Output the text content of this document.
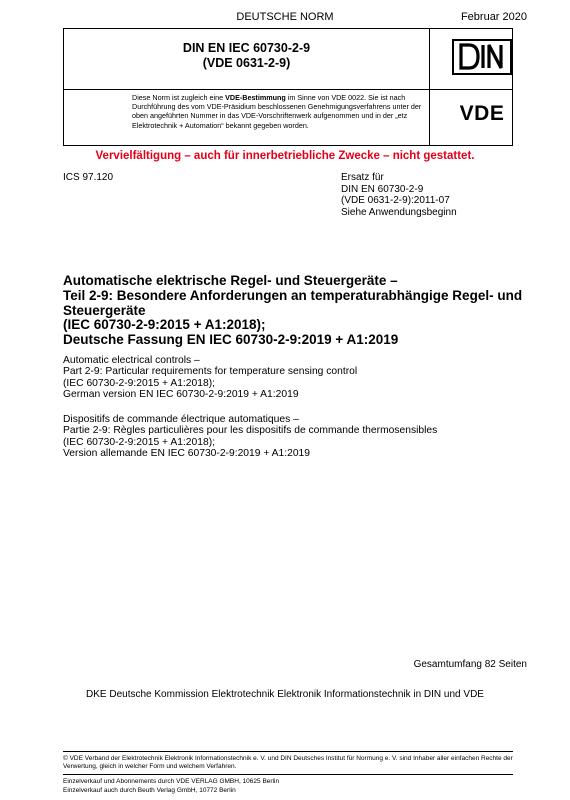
DEUTSCHE NORM	Februar 2020
DIN EN IEC 60730-2-9
(VDE 0631-2-9)
Diese Norm ist zugleich eine VDE-Bestimmung im Sinne von VDE 0022. Sie ist nach Durchführung des vom VDE-Präsidium beschlossenen Genehmigungsverfahrens unter der oben angeführten Nummer in das VDE-Vorschriftenwerk aufgenommen und in der „etz Elektrotechnik + Automation“ bekannt gegeben worden.
VDE
Vervielfältigung – auch für innerbetriebliche Zwecke – nicht gestattet.
ICS 97.120	Ersatz für
DIN EN 60730-2-9
(VDE 0631-2-9):2011-07
Siehe Anwendungsbeginn
Automatische elektrische Regel- und Steuergeräte –
Teil 2-9: Besondere Anforderungen an temperaturabhängige Regel- und
Steuergeräte
(IEC 60730-2-9:2015 + A1:2018);
Deutsche Fassung EN IEC 60730-2-9:2019 + A1:2019
Automatic electrical controls –
Part 2-9: Particular requirements for temperature sensing control
(IEC 60730-2-9:2015 + A1:2018);
German version EN IEC 60730-2-9:2019 + A1:2019
Dispositifs de commande électrique automatiques –
Partie 2-9: Règles particulières pour les dispositifs de commande thermosensibles
(IEC 60730-2-9:2015 + A1:2018);
Version allemande EN IEC 60730-2-9:2019 + A1:2019
Gesamtumfang 82 Seiten
DKE Deutsche Kommission Elektrotechnik Elektronik Informationstechnik in DIN und VDE
© VDE Verband der Elektrotechnik Elektronik Informationstechnik e. V. und DIN Deutsches Institut für Normung e. V. sind Inhaber aller einfachen Rechte der Verwertung, gleich in welcher Form und welchem Verfahren.
Einzelverkauf und Abonnements durch VDE VERLAG GMBH, 10625 Berlin
Einzelverkauf auch durch Beuth Verlag GmbH, 10772 Berlin
